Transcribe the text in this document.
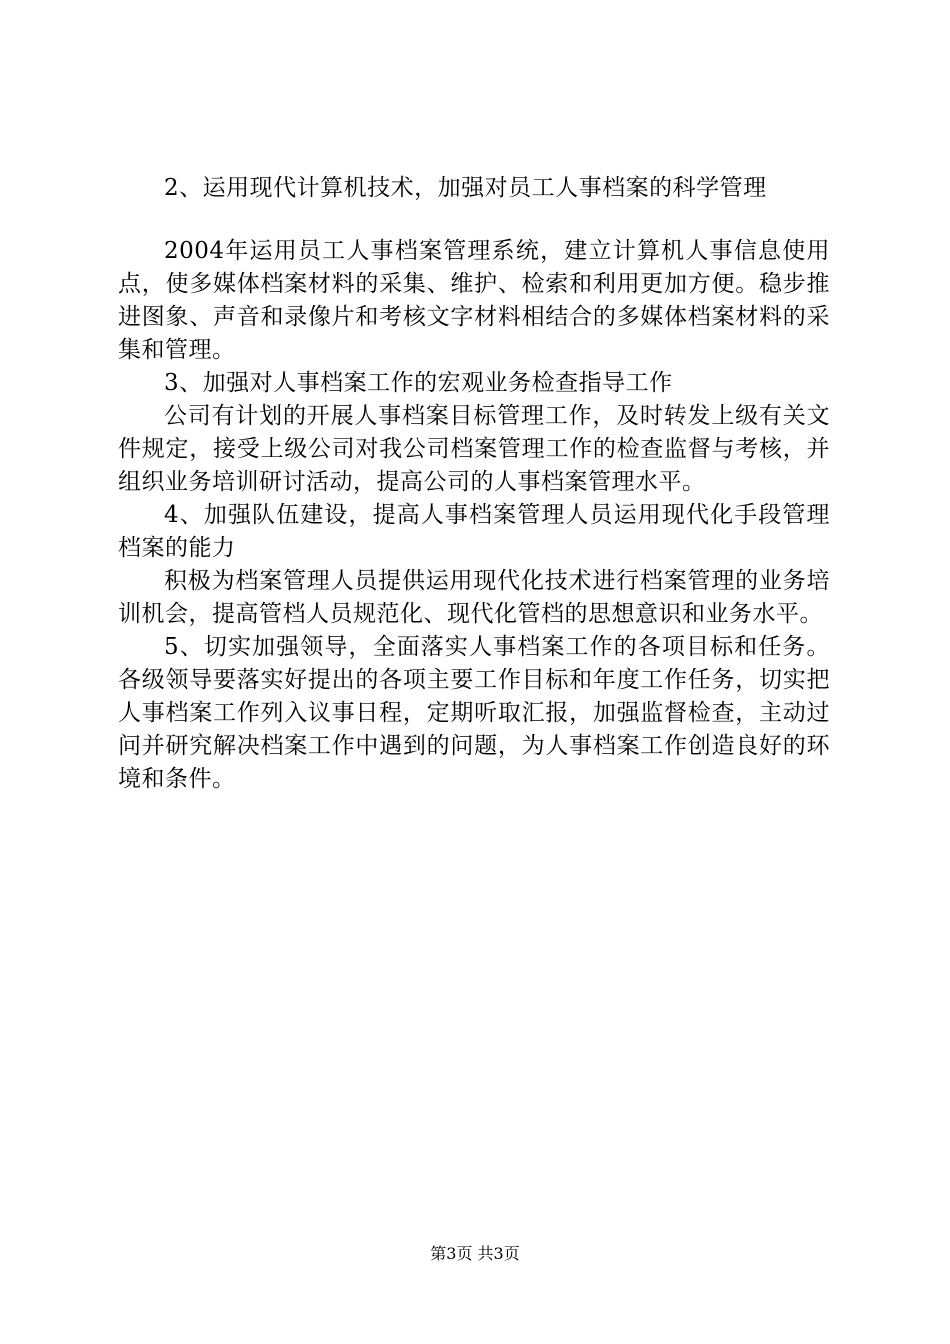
2、运用现代计算机技术，加强对员工人事档案的科学管理

2004年运用员工人事档案管理系统，建立计算机人事信息使用点，使多媒体档案材料的采集、维护、检索和利用更加方便。稳步推进图象、声音和录像片和考核文字材料相结合的多媒体档案材料的采集和管理。

3、加强对人事档案工作的宏观业务检查指导工作

公司有计划的开展人事档案目标管理工作，及时转发上级有关文件规定，接受上级公司对我公司档案管理工作的检查监督与考核，并组织业务培训研讨活动，提高公司的人事档案管理水平。

4、加强队伍建设，提高人事档案管理人员运用现代化手段管理档案的能力

积极为档案管理人员提供运用现代化技术进行档案管理的业务培训机会，提高管档人员规范化、现代化管档的思想意识和业务水平。

5、切实加强领导，全面落实人事档案工作的各项目标和任务。各级领导要落实好提出的各项主要工作目标和年度工作任务，切实把人事档案工作列入议事日程，定期听取汇报，加强监督检查，主动过问并研究解决档案工作中遇到的问题，为人事档案工作创造良好的环境和条件。

第3页 共3页
